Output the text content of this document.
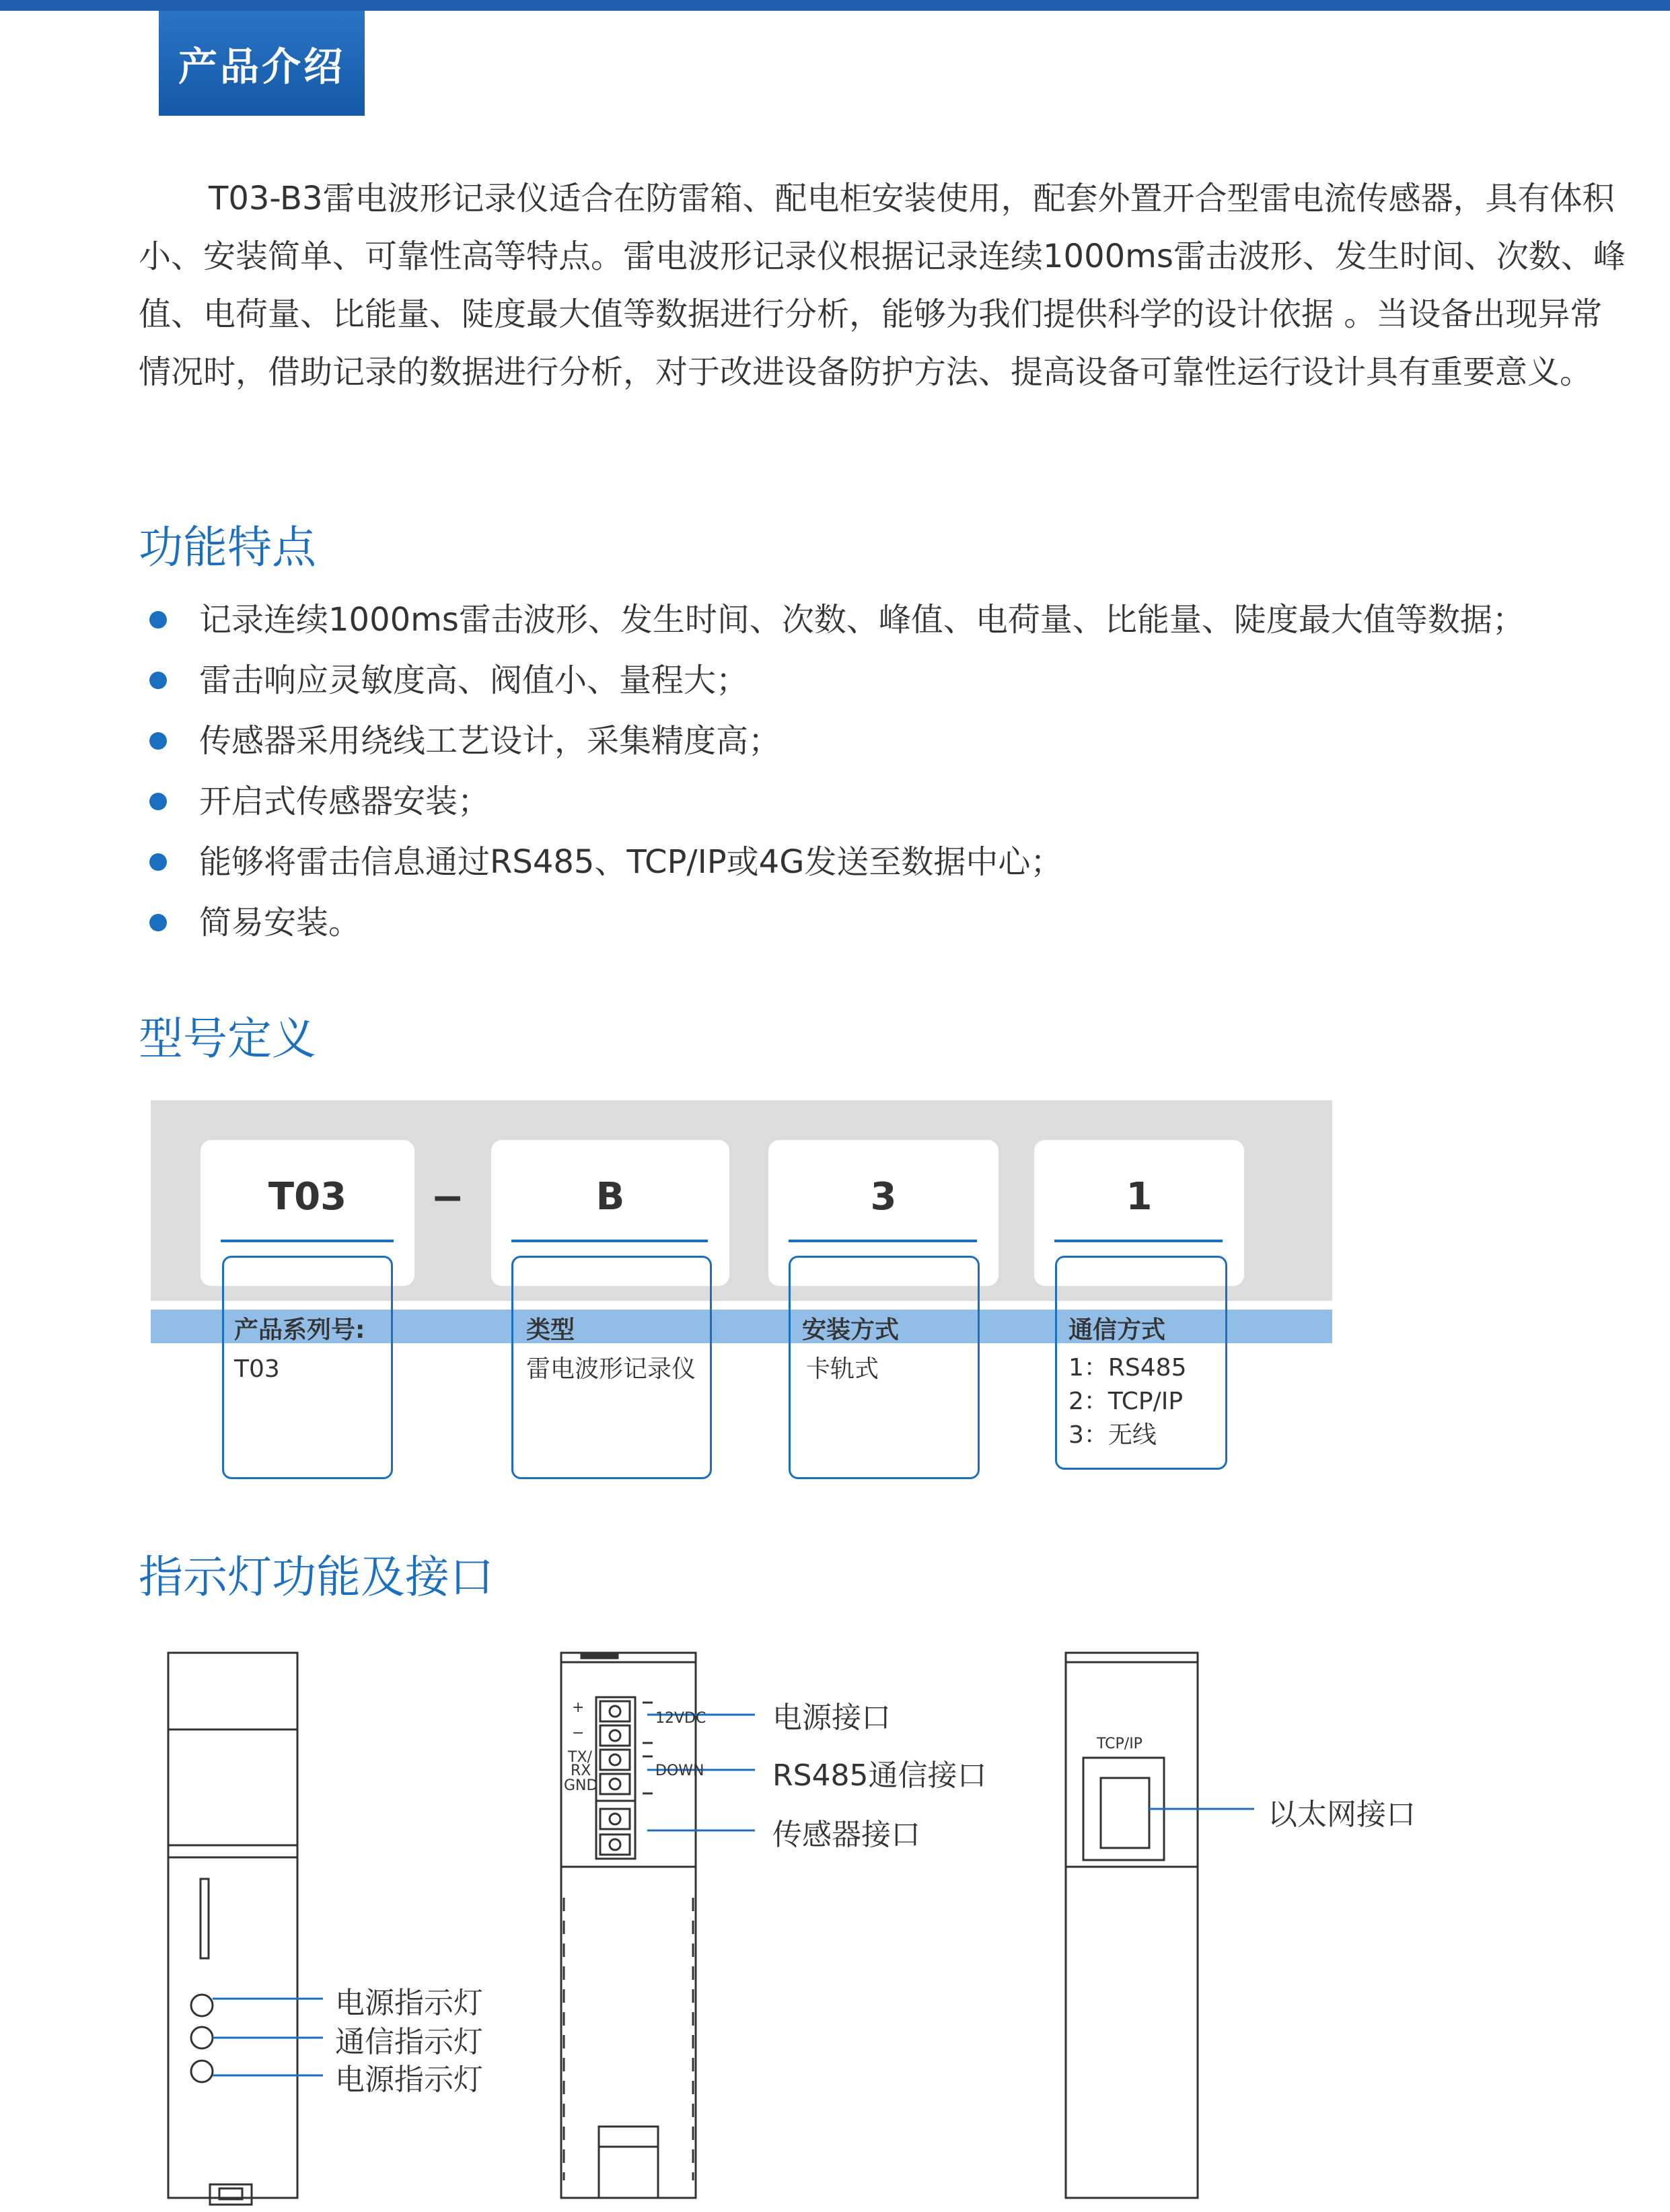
产品介绍
T03-B3雷电波形记录仪适合在防雷箱、配电柜安装使用，配套外置开合型雷电流传感器，具有体积小、安装简单、可靠性高等特点。雷电波形记录仪根据记录连续1000ms雷击波形、发生时间、次数、峰值、电荷量、比能量、陡度最大值等数据进行分析，能够为我们提供科学的设计依据 。当设备出现异常情况时，借助记录的数据进行分析，对于改进设备防护方法、提高设备可靠性运行设计具有重要意义。
功能特点
记录连续1000ms雷击波形、发生时间、次数、峰值、电荷量、比能量、陡度最大值等数据；
雷击响应灵敏度高、阀值小、量程大；
传感器采用绕线工艺设计，采集精度高；
开启式传感器安装；
能够将雷击信息通过RS485、TCP/IP或4G发送至数据中心；
简易安装。
型号定义
T03	−	B	3	1
产品系列号:	类型	安装方式	通信方式
T03	雷电波形记录仪	卡轨式	1：RS485
2：TCP/IP
3：无线
指示灯功能及接口
+
−
TX/
RX
GND
12VDC
DOWN
TCP/IP
电源指示灯
通信指示灯
电源指示灯
电源接口
RS485通信接口
传感器接口
以太网接口
